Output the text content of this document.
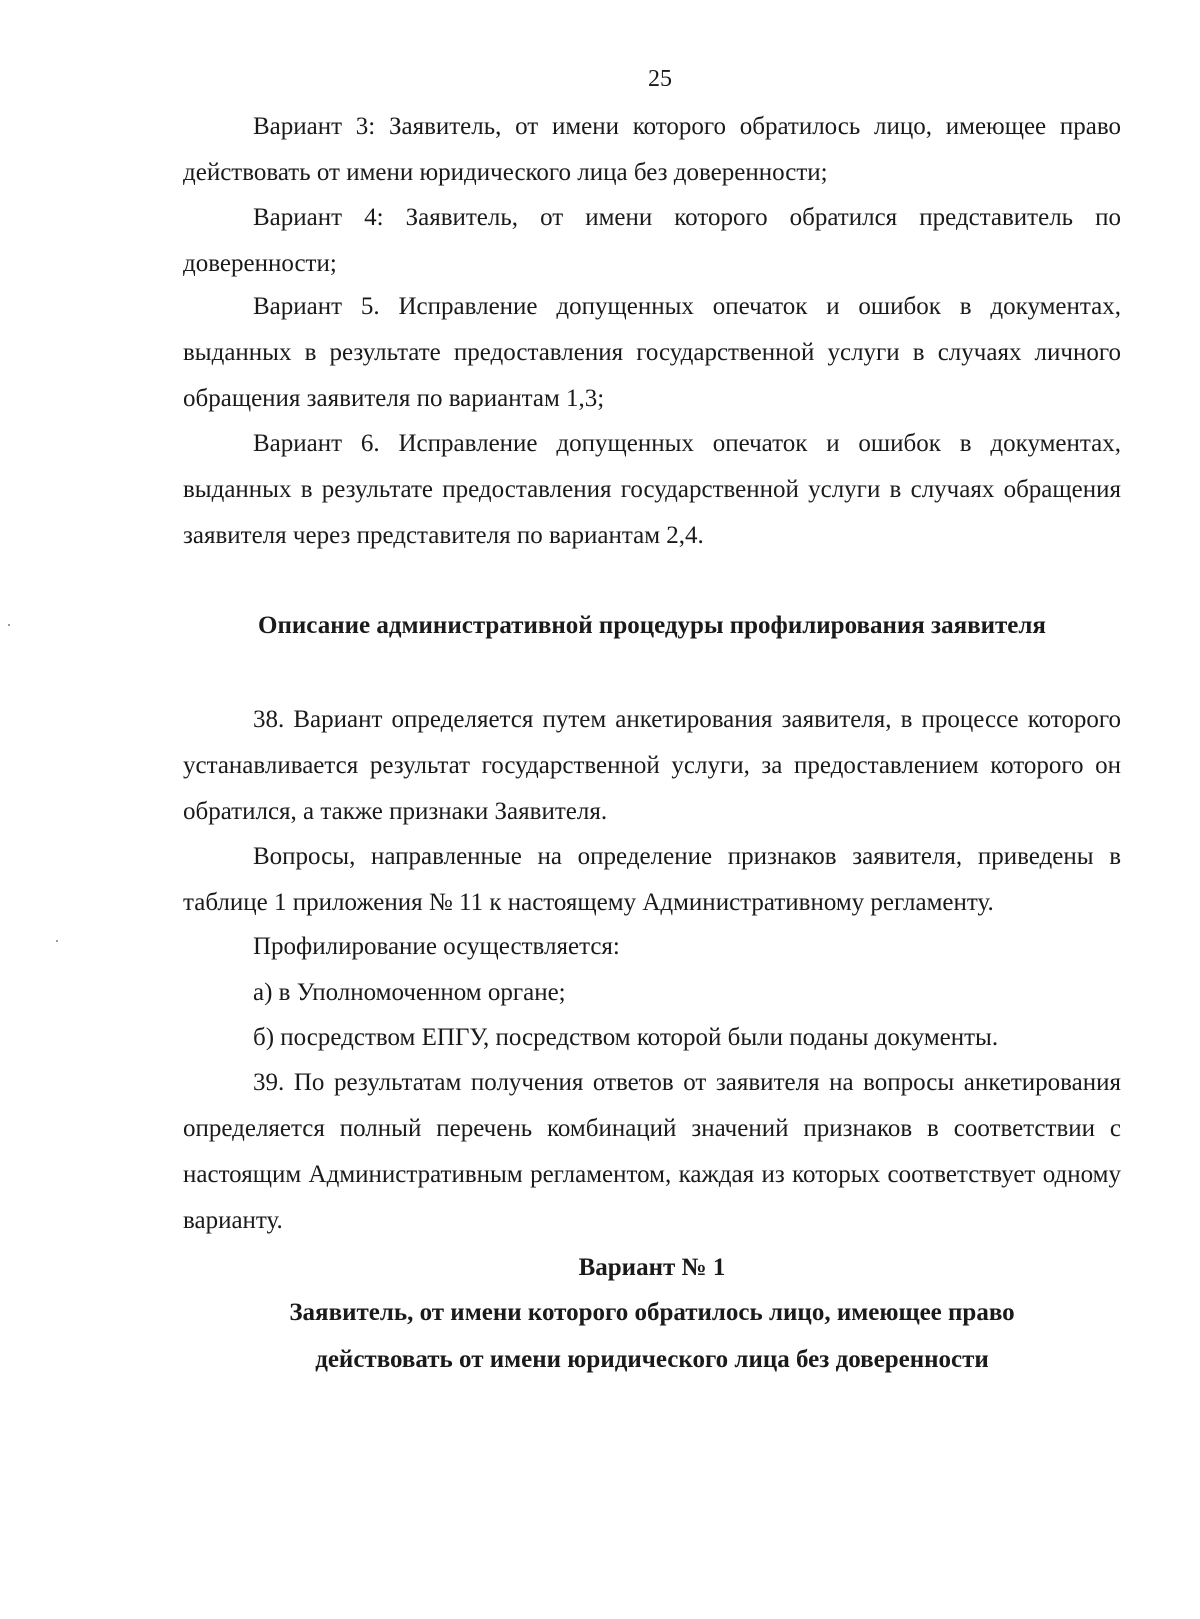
25

Вариант 3: Заявитель, от имени которого обратилось лицо, имеющее право действовать от имени юридического лица без доверенности;

Вариант 4: Заявитель, от имени которого обратился представитель по доверенности;

Вариант 5. Исправление допущенных опечаток и ошибок в документах, выданных в результате предоставления государственной услуги в случаях личного обращения заявителя по вариантам 1,3;

Вариант 6. Исправление допущенных опечаток и ошибок в документах, выданных в результате предоставления государственной услуги в случаях обращения заявителя через представителя по вариантам 2,4.

Описание административной процедуры профилирования заявителя

38. Вариант определяется путем анкетирования заявителя, в процессе которого устанавливается результат государственной услуги, за предоставлением которого он обратился, а также признаки Заявителя.

Вопросы, направленные на определение признаков заявителя, приведены в таблице 1 приложения № 11 к настоящему Административному регламенту.

Профилирование осуществляется:

а) в Уполномоченном органе;

б) посредством ЕПГУ, посредством которой были поданы документы.

39. По результатам получения ответов от заявителя на вопросы анкетирования определяется полный перечень комбинаций значений признаков в соответствии с настоящим Административным регламентом, каждая из которых соответствует одному варианту.

Вариант № 1
Заявитель, от имени которого обратилось лицо, имеющее право
действовать от имени юридического лица без доверенности
